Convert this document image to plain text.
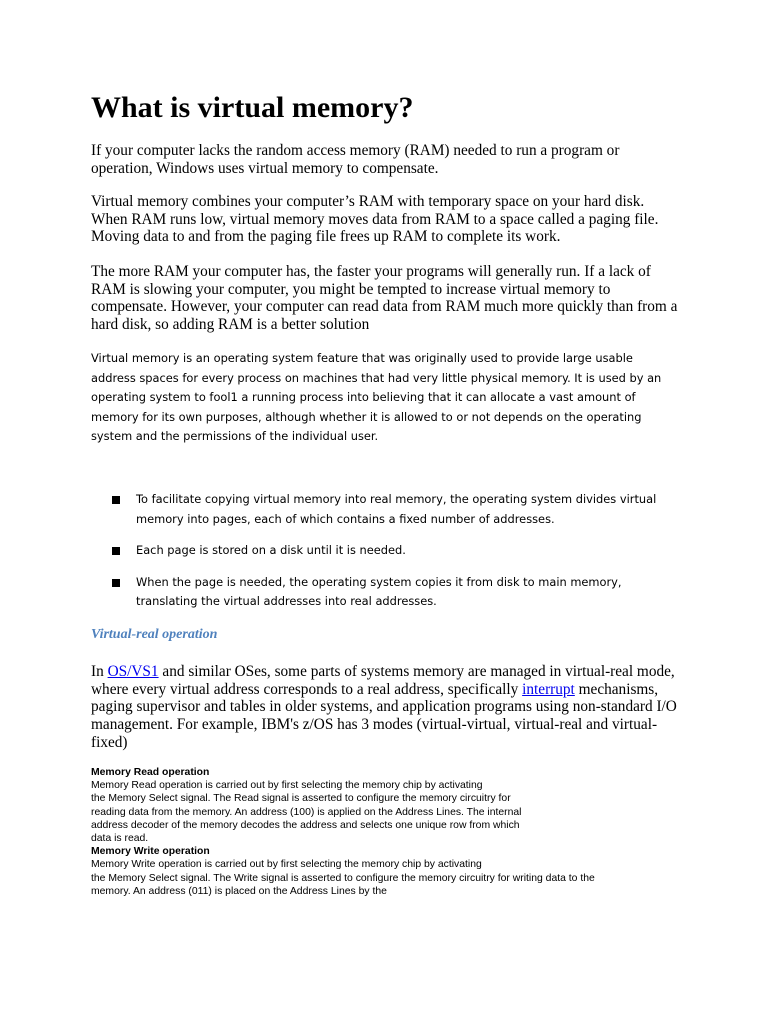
What is virtual memory?

If your computer lacks the random access memory (RAM) needed to run a program or operation, Windows uses virtual memory to compensate.

Virtual memory combines your computer’s RAM with temporary space on your hard disk. When RAM runs low, virtual memory moves data from RAM to a space called a paging file. Moving data to and from the paging file frees up RAM to complete its work.

The more RAM your computer has, the faster your programs will generally run. If a lack of RAM is slowing your computer, you might be tempted to increase virtual memory to compensate. However, your computer can read data from RAM much more quickly than from a hard disk, so adding RAM is a better solution

Virtual memory is an operating system feature that was originally used to provide large usable address spaces for every process on machines that had very little physical memory. It is used by an operating system to fool1 a running process into believing that it can allocate a vast amount of memory for its own purposes, although whether it is allowed to or not depends on the operating system and the permissions of the individual user.

To facilitate copying virtual memory into real memory, the operating system divides virtual memory into pages, each of which contains a fixed number of addresses.
Each page is stored on a disk until it is needed.
When the page is needed, the operating system copies it from disk to main memory, translating the virtual addresses into real addresses.
Virtual-real operation

In OS/VS1 and similar OSes, some parts of systems memory are managed in virtual-real mode, where every virtual address corresponds to a real address, specifically interrupt mechanisms, paging supervisor and tables in older systems, and application programs using non-standard I/O management. For example, IBM's z/OS has 3 modes (virtual-virtual, virtual-real and virtual-fixed)

Memory Read operation
Memory Read operation is carried out by first selecting the memory chip by activating
the Memory Select signal. The Read signal is asserted to configure the memory circuitry for
reading data from the memory. An address (100) is applied on the Address Lines. The internal
address decoder of the memory decodes the address and selects one unique row from which
data is read.
Memory Write operation
Memory Write operation is carried out by first selecting the memory chip by activating
the Memory Select signal. The Write signal is asserted to configure the memory circuitry for writing data to the
memory. An address (011) is placed on the Address Lines by the
